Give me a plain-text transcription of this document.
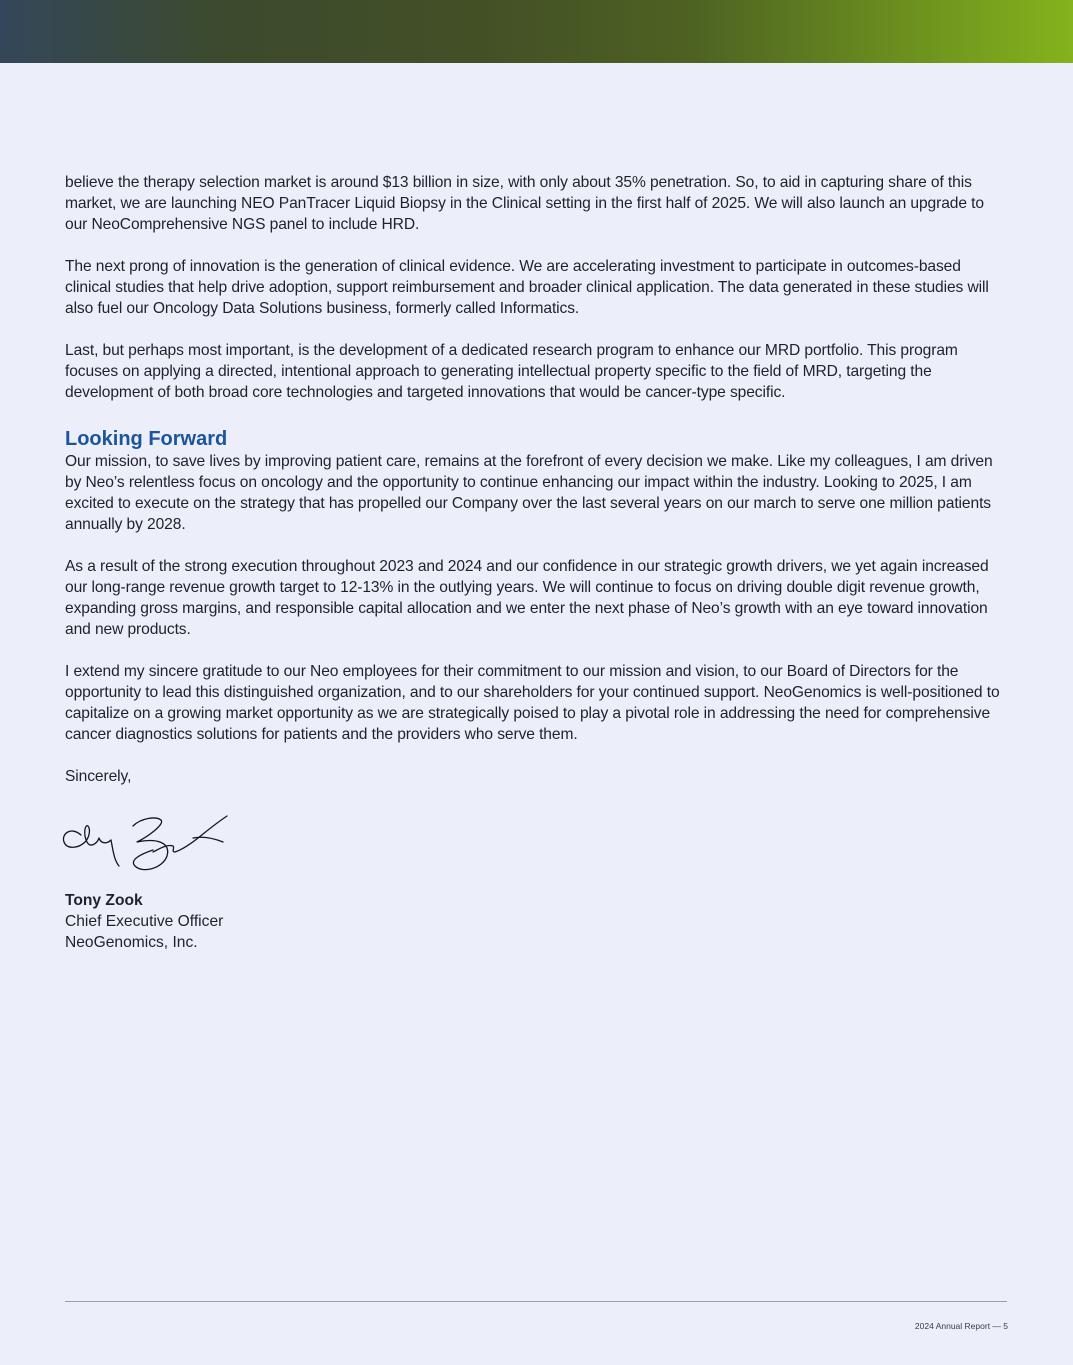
believe the therapy selection market is around $13 billion in size, with only about 35% penetration. So, to aid in capturing share of this market, we are launching NEO PanTracer Liquid Biopsy in the Clinical setting in the first half of 2025. We will also launch an upgrade to our NeoComprehensive NGS panel to include HRD.

The next prong of innovation is the generation of clinical evidence. We are accelerating investment to participate in outcomes-based clinical studies that help drive adoption, support reimbursement and broader clinical application. The data generated in these studies will also fuel our Oncology Data Solutions business, formerly called Informatics.

Last, but perhaps most important, is the development of a dedicated research program to enhance our MRD portfolio. This program focuses on applying a directed, intentional approach to generating intellectual property specific to the field of MRD, targeting the development of both broad core technologies and targeted innovations that would be cancer-type specific.

Looking Forward

Our mission, to save lives by improving patient care, remains at the forefront of every decision we make. Like my colleagues, I am driven by Neo’s relentless focus on oncology and the opportunity to continue enhancing our impact within the industry. Looking to 2025, I am excited to execute on the strategy that has propelled our Company over the last several years on our march to serve one million patients annually by 2028.

As a result of the strong execution throughout 2023 and 2024 and our confidence in our strategic growth drivers, we yet again increased our long-range revenue growth target to 12-13% in the outlying years. We will continue to focus on driving double digit revenue growth, expanding gross margins, and responsible capital allocation and we enter the next phase of Neo’s growth with an eye toward innovation and new products.

I extend my sincere gratitude to our Neo employees for their commitment to our mission and vision, to our Board of Directors for the opportunity to lead this distinguished organization, and to our shareholders for your continued support. NeoGenomics is well-positioned to capitalize on a growing market opportunity as we are strategically poised to play a pivotal role in addressing the need for comprehensive cancer diagnostics solutions for patients and the providers who serve them.

Sincerely,

Tony Zook
Chief Executive Officer
NeoGenomics, Inc.
2024 Annual Report — 5
